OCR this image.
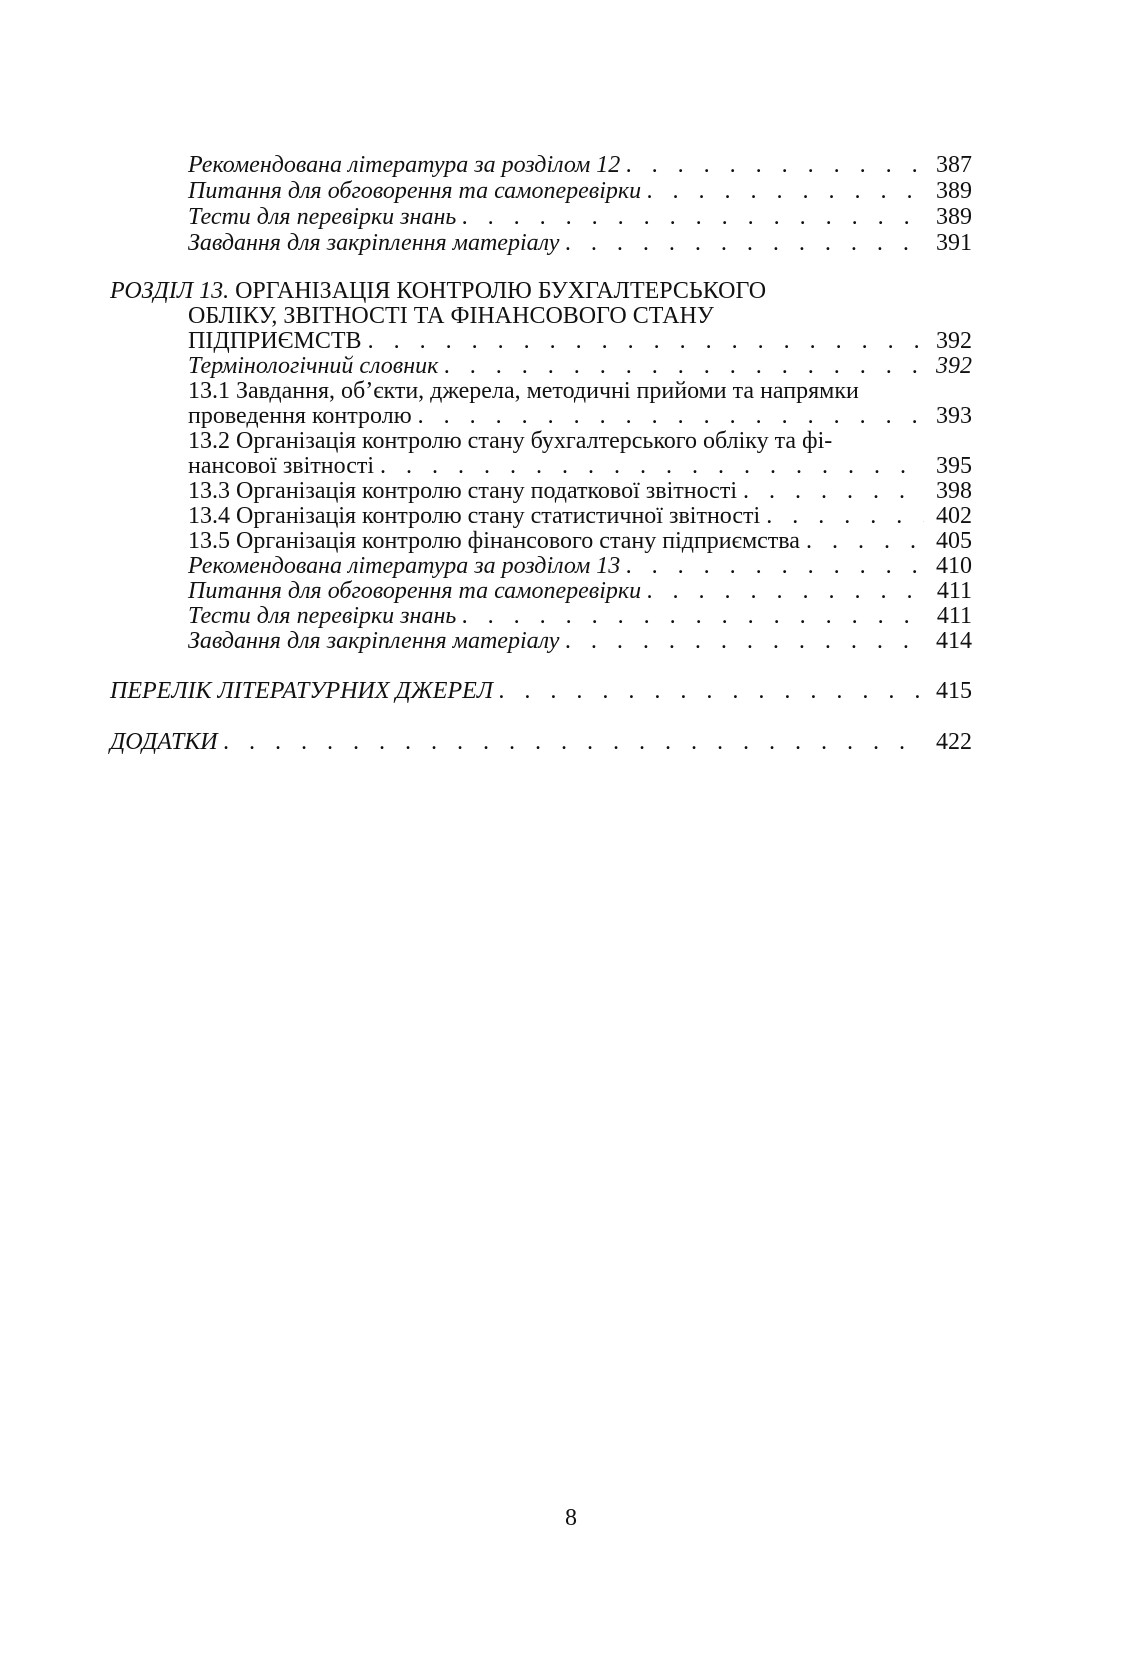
Рекомендована література за розділом 12 . . .	387
Питання для обговорення та самоперевірки . . .	389
Тести для перевірки знань . . .	389
Завдання для закріплення матеріалу . . .	391
РОЗДІЛ 13. ОРГАНІЗАЦІЯ КОНТРОЛЮ БУХГАЛТЕРСЬКОГО
ОБЛІКУ, ЗВІТНОСТІ ТА ФІНАНСОВОГО СТАНУ
ПІДПРИЄМСТВ . . .	392
Термінологічний словник . . .	392
13.1 Завдання, об’єкти, джерела, методичні прийоми та напрямки
проведення контролю . . .	393
13.2 Організація контролю стану бухгалтерського обліку та фі-
нансової звітності . . .	395
13.3 Організація контролю стану податкової звітності . . .	398
13.4 Організація контролю стану статистичної звітності . . .	402
13.5 Організація контролю фінансового стану підприємства . . .	405
Рекомендована література за розділом 13 . . .	410
Питання для обговорення та самоперевірки . . .	411
Тести для перевірки знань . . .	411
Завдання для закріплення матеріалу . . .	414
ПЕРЕЛІК ЛІТЕРАТУРНИХ ДЖЕРЕЛ . . .	415
ДОДАТКИ . . .	422
8
